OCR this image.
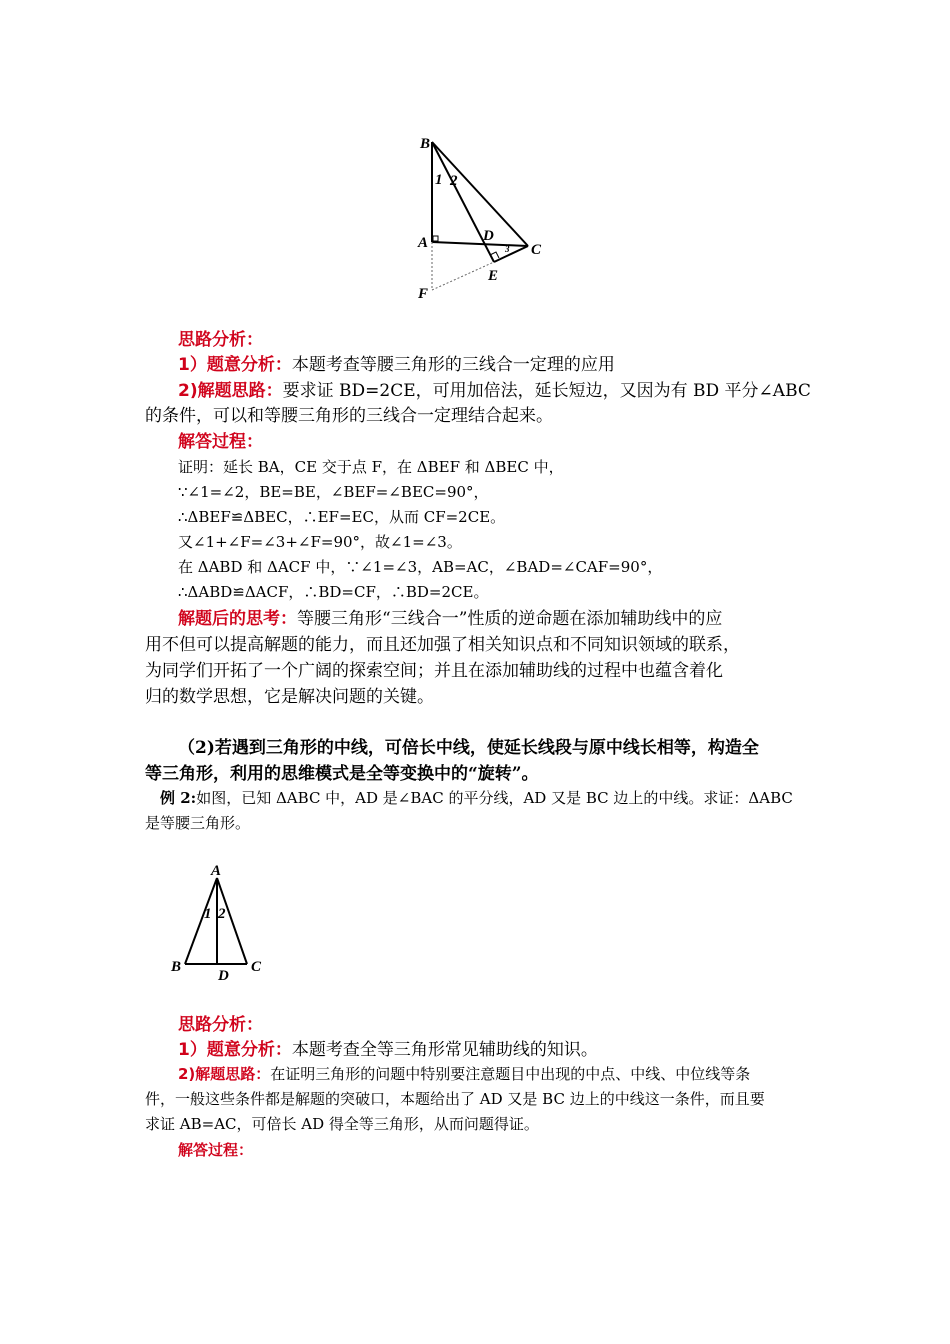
B
1 2
A	D
3 C
E
F
思路分析：
1）题意分析：本题考查等腰三角形的三线合一定理的应用
2)解题思路：要求证 BD=2CE，可用加倍法，延长短边，又因为有 BD 平分∠ABC
的条件，可以和等腰三角形的三线合一定理结合起来。
解答过程：
证明：延长 BA，CE 交于点 F，在 ΔBEF 和 ΔBEC 中，
∵∠1=∠2，BE=BE，∠BEF=∠BEC=90°，
∴ΔBEF≌ΔBEC，∴EF=EC，从而 CF=2CE。
又∠1+∠F=∠3+∠F=90°，故∠1=∠3。
在 ΔABD 和 ΔACF 中，∵∠1=∠3，AB=AC，∠BAD=∠CAF=90°，
∴ΔABD≌ΔACF，∴BD=CF，∴BD=2CE。
解题后的思考：等腰三角形“三线合一”性质的逆命题在添加辅助线中的应
用不但可以提高解题的能力，而且还加强了相关知识点和不同知识领域的联系，
为同学们开拓了一个广阔的探索空间；并且在添加辅助线的过程中也蕴含着化
归的数学思想，它是解决问题的关键。
（2)若遇到三角形的中线，可倍长中线，使延长线段与原中线长相等，构造全
等三角形，利用的思维模式是全等变换中的“旋转”。
例 2:如图，已知 ΔABC 中，AD 是∠BAC 的平分线，AD 又是 BC 边上的中线。求证：ΔABC
是等腰三角形。
A
1 2
B
D
C
思路分析：
1）题意分析：本题考查全等三角形常见辅助线的知识。
2)解题思路：在证明三角形的问题中特别要注意题目中出现的中点、中线、中位线等条
件，一般这些条件都是解题的突破口，本题给出了 AD 又是 BC 边上的中线这一条件，而且要
求证 AB=AC，可倍长 AD 得全等三角形，从而问题得证。
解答过程：
